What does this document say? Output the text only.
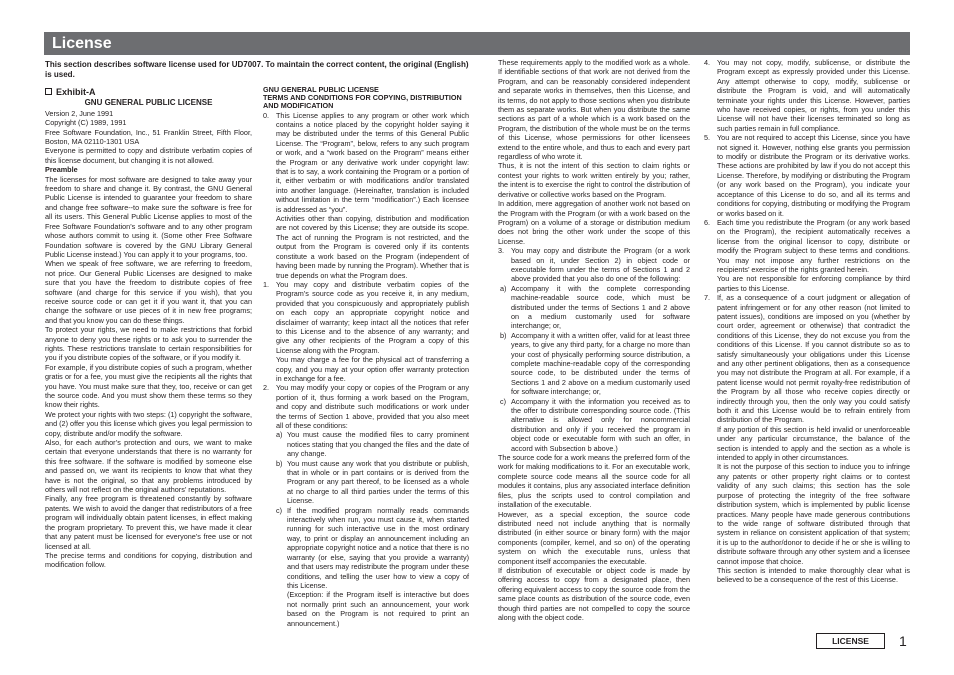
License
This section describes software license used for UD7007. To maintain the correct content, the original (English) is used.
Exhibit-A
GNU GENERAL PUBLIC LICENSE

Version 2, June 1991

Copyright (C) 1989, 1991

Free Software Foundation, Inc., 51 Franklin Street, Fifth Floor, Boston, MA 02110-1301 USA

Everyone is permitted to copy and distribute verbatim copies of this license document, but changing it is not allowed.

Preamble

The licenses for most software are designed to take away your freedom to share and change it. By contrast, the GNU General Public License is intended to guarantee your freedom to share and change free software--to make sure the software is free for all its users. This General Public License applies to most of the Free Software Foundation’s software and to any other program whose authors commit to using it. (Some other Free Software Foundation software is covered by the GNU Library General Public License instead.) You can apply it to your programs, too.

When we speak of free software, we are referring to freedom, not price. Our General Public Licenses are designed to make sure that you have the freedom to distribute copies of free software (and charge for this service if you wish), that you receive source code or can get it if you want it, that you can change the software or use pieces of it in new free programs; and that you know you can do these things.

To protect your rights, we need to make restrictions that forbid anyone to deny you these rights or to ask you to surrender the rights. These restrictions translate to certain responsibilities for you if you distribute copies of the software, or if you modify it.

For example, if you distribute copies of such a program, whether gratis or for a fee, you must give the recipients all the rights that you have. You must make sure that they, too, receive or can get the source code. And you must show them these terms so they know their rights.

We protect your rights with two steps: (1) copyright the software, and (2) offer you this license which gives you legal permission to copy, distribute and/or modify the software.

Also, for each author’s protection and ours, we want to make certain that everyone understands that there is no warranty for this free software. If the software is modified by someone else and passed on, we want its recipients to know that what they have is not the original, so that any problems introduced by others will not reflect on the original authors’ reputations.

Finally, any free program is threatened constantly by software patents. We wish to avoid the danger that redistributors of a free program will individually obtain patent licenses, in effect making the program proprietary. To prevent this, we have made it clear that any patent must be licensed for everyone’s free use or not licensed at all.

The precise terms and conditions for copying, distribution and modification follow.

GNU GENERAL PUBLIC LICENSE

TERMS AND CONDITIONS FOR COPYING, DISTRIBUTION AND MODIFICATION

0. This License applies to any program or other work which contains a notice placed by the copyright holder saying it may be distributed under the terms of this General Public License. The “Program”, below, refers to any such program or work, and a “work based on the Program” means either the Program or any derivative work under copyright law: that is to say, a work containing the Program or a portion of it, either verbatim or with modifications and/or translated into another language. (Hereinafter, translation is included without limitation in the term “modification”.) Each licensee is addressed as “you”.

Activities other than copying, distribution and modification are not covered by this License; they are outside its scope. The act of running the Program is not restricted, and the output from the Program is covered only if its contents constitute a work based on the Program (independent of having been made by running the Program). Whether that is true depends on what the Program does.

1. You may copy and distribute verbatim copies of the Program’s source code as you receive it, in any medium, provided that you conspicuously and appropriately publish on each copy an appropriate copyright notice and disclaimer of warranty; keep intact all the notices that refer to this License and to the absence of any warranty; and give any other recipients of the Program a copy of this License along with the Program.

You may charge a fee for the physical act of transferring a copy, and you may at your option offer warranty protection in exchange for a fee.

2. You may modify your copy or copies of the Program or any portion of it, thus forming a work based on the Program, and copy and distribute such modifications or work under the terms of Section 1 above, provided that you also meet all of these conditions:
a) You must cause the modified files to carry prominent notices stating that you changed the files and the date of any change.
b) You must cause any work that you distribute or publish, that in whole or in part contains or is derived from the Program or any part thereof, to be licensed as a whole at no charge to all third parties under the terms of this License.
c) If the modified program normally reads commands interactively when run, you must cause it, when started running for such interactive use in the most ordinary way, to print or display an announcement including an appropriate copyright notice and a notice that there is no warranty (or else, saying that you provide a warranty) and that users may redistribute the program under these conditions, and telling the user how to view a copy of this License.

(Exception: if the Program itself is interactive but does not normally print such an announcement, your work based on the Program is not required to print an announcement.)

These requirements apply to the modified work as a whole. If identifiable sections of that work are not derived from the Program, and can be reasonably considered independent and separate works in themselves, then this License, and its terms, do not apply to those sections when you distribute them as separate works. But when you distribute the same sections as part of a whole which is a work based on the Program, the distribution of the whole must be on the terms of this License, whose permissions for other licensees extend to the entire whole, and thus to each and every part regardless of who wrote it.

Thus, it is not the intent of this section to claim rights or contest your rights to work written entirely by you; rather, the intent is to exercise the right to control the distribution of derivative or collective works based on the Program.

In addition, mere aggregation of another work not based on the Program with the Program (or with a work based on the Program) on a volume of a storage or distribution medium does not bring the other work under the scope of this License.

3. You may copy and distribute the Program (or a work based on it, under Section 2) in object code or executable form under the terms of Sections 1 and 2 above provided that you also do one of the following:
a) Accompany it with the complete corresponding machine-readable source code, which must be distributed under the terms of Sections 1 and 2 above on a medium customarily used for software interchange; or,
b) Accompany it with a written offer, valid for at least three years, to give any third party, for a charge no more than your cost of physically performing source distribution, a complete machine-readable copy of the corresponding source code, to be distributed under the terms of Sections 1 and 2 above on a medium customarily used for software interchange; or,
c) Accompany it with the information you received as to the offer to distribute corresponding source code. (This alternative is allowed only for noncommercial distribution and only if you received the program in object code or executable form with such an offer, in accord with Subsection b above.)

The source code for a work means the preferred form of the work for making modifications to it. For an executable work, complete source code means all the source code for all modules it contains, plus any associated interface definition files, plus the scripts used to control compilation and installation of the executable.

However, as a special exception, the source code distributed need not include anything that is normally distributed (in either source or binary form) with the major components (compiler, kernel, and so on) of the operating system on which the executable runs, unless that component itself accompanies the executable.

If distribution of executable or object code is made by offering access to copy from a designated place, then offering equivalent access to copy the source code from the same place counts as distribution of the source code, even though third parties are not compelled to copy the source along with the object code.

4. You may not copy, modify, sublicense, or distribute the Program except as expressly provided under this License. Any attempt otherwise to copy, modify, sublicense or distribute the Program is void, and will automatically terminate your rights under this License. However, parties who have received copies, or rights, from you under this License will not have their licenses terminated so long as such parties remain in full compliance.
5. You are not required to accept this License, since you have not signed it. However, nothing else grants you permission to modify or distribute the Program or its derivative works. These actions are prohibited by law if you do not accept this License. Therefore, by modifying or distributing the Program (or any work based on the Program), you indicate your acceptance of this License to do so, and all its terms and conditions for copying, distributing or modifying the Program or works based on it.
6. Each time you redistribute the Program (or any work based on the Program), the recipient automatically receives a license from the original licensor to copy, distribute or modify the Program subject to these terms and conditions. You may not impose any further restrictions on the recipients’ exercise of the rights granted herein.

You are not responsible for enforcing compliance by third parties to this License.

7. If, as a consequence of a court judgment or allegation of patent infringement or for any other reason (not limited to patent issues), conditions are imposed on you (whether by court order, agreement or otherwise) that contradict the conditions of this License, they do not excuse you from the conditions of this License. If you cannot distribute so as to satisfy simultaneously your obligations under this License and any other pertinent obligations, then as a consequence you may not distribute the Program at all. For example, if a patent license would not permit royalty-free redistribution of the Program by all those who receive copies directly or indirectly through you, then the only way you could satisfy both it and this License would be to refrain entirely from distribution of the Program.

If any portion of this section is held invalid or unenforceable under any particular circumstance, the balance of the section is intended to apply and the section as a whole is intended to apply in other circumstances.

It is not the purpose of this section to induce you to infringe any patents or other property right claims or to contest validity of any such claims; this section has the sole purpose of protecting the integrity of the free software distribution system, which is implemented by public license practices. Many people have made generous contributions to the wide range of software distributed through that system in reliance on consistent application of that system; it is up to the author/donor to decide if he or she is willing to distribute software through any other system and a licensee cannot impose that choice.

This section is intended to make thoroughly clear what is believed to be a consequence of the rest of this License.

LICENSE	1
